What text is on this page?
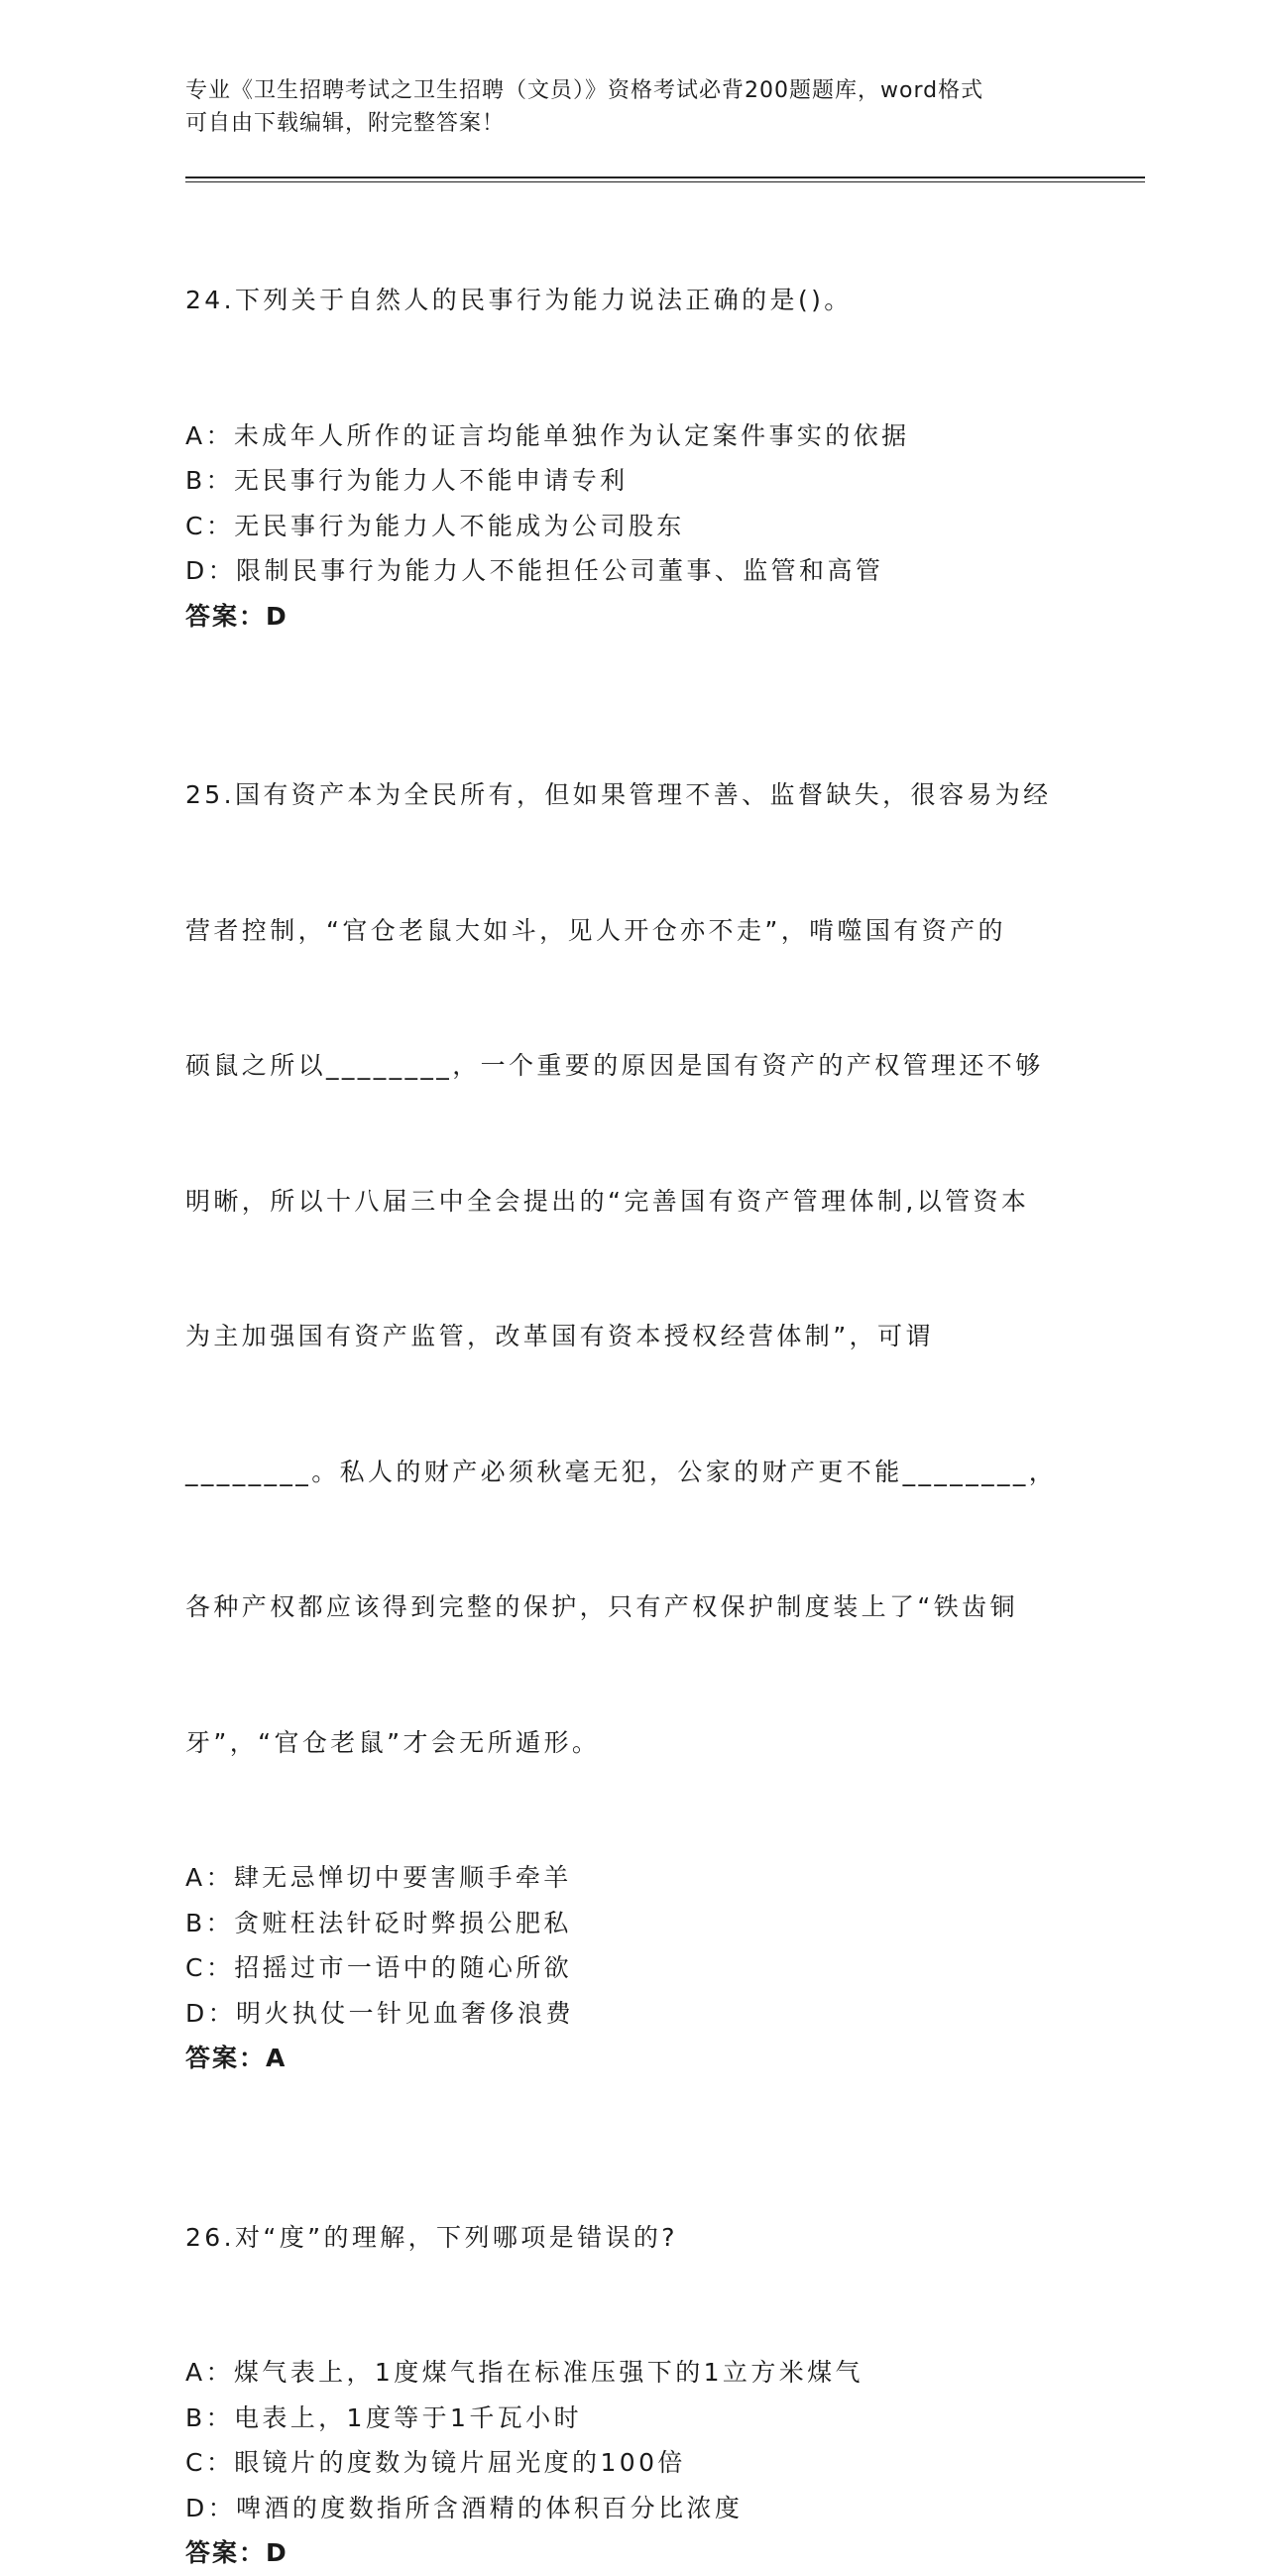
专业《卫生招聘考试之卫生招聘（文员）》资格考试必背200题题库，word格式
可自由下载编辑，附完整答案！

24.下列关于自然人的民事行为能力说法正确的是()。

A：未成年人所作的证言均能单独作为认定案件事实的依据
B：无民事行为能力人不能申请专利
C：无民事行为能力人不能成为公司股东
D：限制民事行为能力人不能担任公司董事、监管和高管
答案：D

25.国有资产本为全民所有，但如果管理不善、监督缺失，很容易为经

营者控制，“官仓老鼠大如斗，见人开仓亦不走”，啃噬国有资产的

硕鼠之所以________，一个重要的原因是国有资产的产权管理还不够

明晰，所以十八届三中全会提出的“完善国有资产管理体制,以管资本

为主加强国有资产监管，改革国有资本授权经营体制”，可谓

________。私人的财产必须秋毫无犯，公家的财产更不能________，

各种产权都应该得到完整的保护，只有产权保护制度装上了“铁齿铜

牙”，“官仓老鼠”才会无所遁形。

A：肆无忌惮切中要害顺手牵羊
B：贪赃枉法针砭时弊损公肥私
C：招摇过市一语中的随心所欲
D：明火执仗一针见血奢侈浪费
答案：A

26.对“度”的理解，下列哪项是错误的?

A：煤气表上，1度煤气指在标准压强下的1立方米煤气
B：电表上，1度等于1千瓦小时
C：眼镜片的度数为镜片屈光度的100倍
D：啤酒的度数指所含酒精的体积百分比浓度
答案：D
